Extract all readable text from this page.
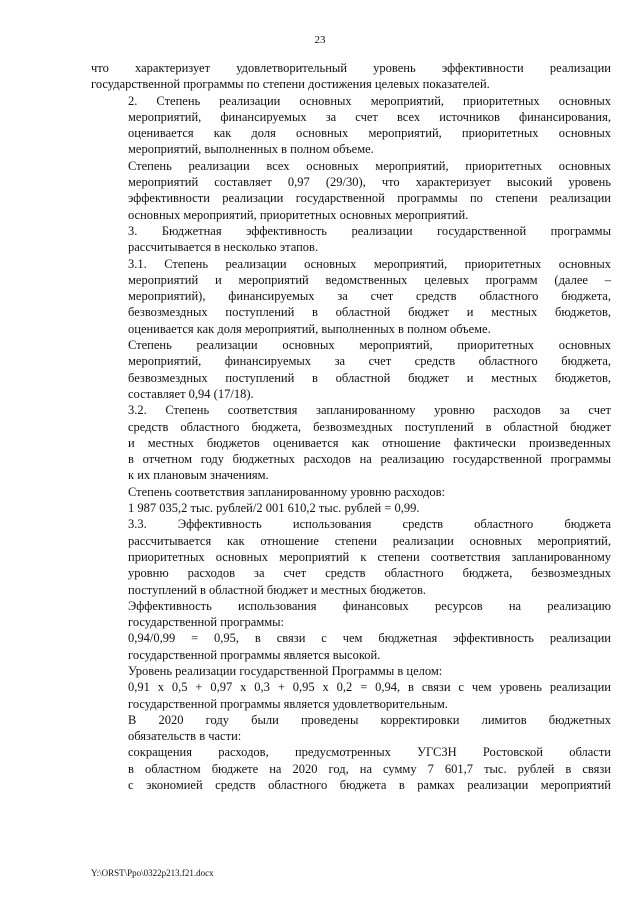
23

что характеризует удовлетворительный уровень эффективности реализации
государственной программы по степени достижения целевых показателей.

2. Степень реализации основных мероприятий, приоритетных основных
мероприятий, финансируемых за счет всех источников финансирования,
оценивается как доля основных мероприятий, приоритетных основных
мероприятий, выполненных в полном объеме.

Степень реализации всех основных мероприятий, приоритетных основных
мероприятий составляет 0,97 (29/30), что характеризует высокий уровень
эффективности реализации государственной программы по степени реализации
основных мероприятий, приоритетных основных мероприятий.

3. Бюджетная эффективность реализации государственной программы
рассчитывается в несколько этапов.

3.1. Степень реализации основных мероприятий, приоритетных основных
мероприятий и мероприятий ведомственных целевых программ (далее –
мероприятий), финансируемых за счет средств областного бюджета,
безвозмездных поступлений в областной бюджет и местных бюджетов,
оценивается как доля мероприятий, выполненных в полном объеме.

Степень реализации основных мероприятий, приоритетных основных
мероприятий, финансируемых за счет средств областного бюджета,
безвозмездных поступлений в областной бюджет и местных бюджетов,
составляет 0,94 (17/18).

3.2. Степень соответствия запланированному уровню расходов за счет
средств областного бюджета, безвозмездных поступлений в областной бюджет
и местных бюджетов оценивается как отношение фактически произведенных
в отчетном году бюджетных расходов на реализацию государственной программы
к их плановым значениям.

Степень соответствия запланированному уровню расходов:

1 987 035,2 тыс. рублей/2 001 610,2 тыс. рублей = 0,99.

3.3. Эффективность использования средств областного бюджета
рассчитывается как отношение степени реализации основных мероприятий,
приоритетных основных мероприятий к степени соответствия запланированному
уровню расходов за счет средств областного бюджета, безвозмездных
поступлений в областной бюджет и местных бюджетов.

Эффективность использования финансовых ресурсов на реализацию
государственной программы:

0,94/0,99 = 0,95, в связи с чем бюджетная эффективность реализации
государственной программы является высокой.

Уровень реализации государственной Программы в целом:

0,91 х 0,5 + 0,97 х 0,3 + 0,95 х 0,2 = 0,94, в связи с чем уровень реализации
государственной программы является удовлетворительным.

В 2020 году были проведены корректировки лимитов бюджетных
обязательств в части:

сокращения расходов, предусмотренных УГСЗН Ростовской области
в областном бюджете на 2020 год, на сумму 7 601,7 тыс. рублей в связи
с экономией средств областного бюджета в рамках реализации мероприятий

Y:\ORST\Ppo\0322p213.f21.docx
